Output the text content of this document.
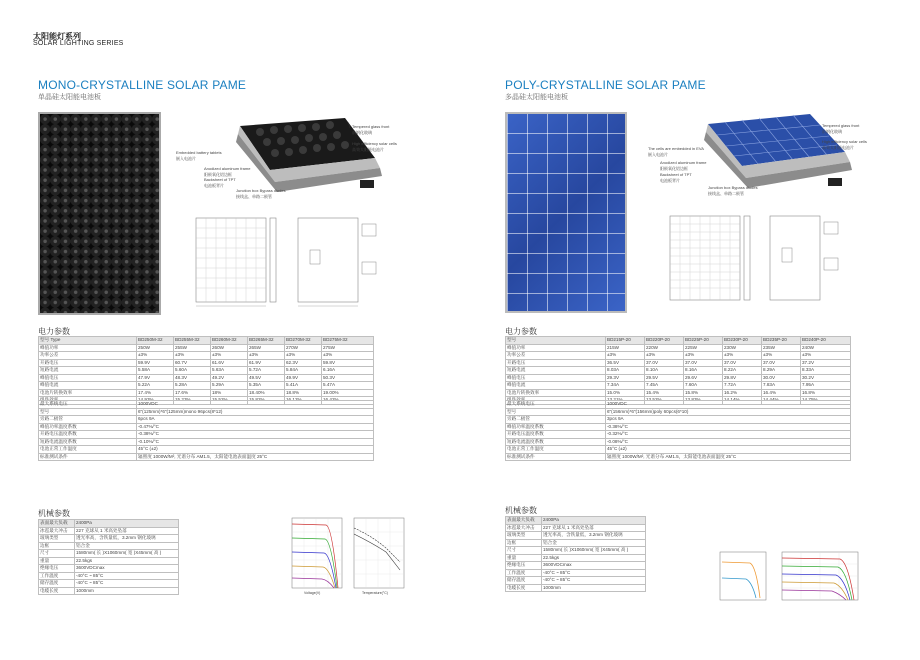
太阳能灯系列
SOLAR LIGHTING SERIES
MONO-CRYSTALLINE SOLAR PAME
单晶硅太阳能电池板
Tempered glass front
前钢化玻璃
High efficiency solar cells
高效太阳能电池片
Embedded battery tablets
嵌入电池片
Anodized aluminum frame
阳极氧化铝边框
Backsheet of TPT
电池板背片
Junction box Bypass diodes
接线盒、单路二极管
电力参数
型号 Type	BD250M-32	BD255M-32	BD260M-32	BD265M-32	BD270M-32	BD275M-32
峰值功率	250W	255W	260W	265W	270W	275W
功率公差	±3%	±3%	±3%	±3%	±3%	±3%
开路电压	59.9V	60.7V	61.6V	61.9V	62.3V	59.8V
短路电流	5.58A	5.60A	5.63A	5.72A	5.84A	6.16A
峰值电压	47.9V	48.3V	49.2V	49.5V	49.9V	50.3V
峰值电流	5.22A	5.28A	5.29A	5.35A	5.41A	5.47A
电池片转换效率	17.4%	17.6%	18%	18.40%	18.8%	19.00%
组件效率	14.93%	15.23%	15.52%	15.82%	16.12%	16.42%
最大系统电压	1000VDC
型号	6"(125mm)*6"(125mm)mono 96pcs(8*12)
旁路二极管	6pcs 9A
峰值功率温度系数	-0.47%/°C
开路电压温度系数	-0.38%/°C
短路电流温度系数	-0.10%/°C
电池正常工作温度	45°C (±2)
标准测试条件	辐照度 1000W/M², 光谱分布 AM1.5，太阳能电池表面温度 25°C
机械参数
表面最大负载	2400Pa
冰雹最大冲击	227 克球从 1 米高处坠落
玻璃类型	透光率高，含铁量低，3.2mm 钢化玻璃
边框	铝合金
尺寸	1580mm( 长 )X1060mm( 宽 )X45mm( 高 )
重量	22.5kgs
绝缘电压	3600VDCmax
工作温度	-40°C ~ 85°C
储存温度	-40°C ~ 85°C
电缆长度	1000mm
Voltage(V)	Temperature(°C)
POLY-CRYSTALLINE SOLAR PAME
多晶硅太阳能电池板
Tempered glass front
前钢化玻璃
High efficiency solar cells
高效太阳能电池片
The cells are embedded in EVA
嵌入电池片
Anodized aluminum frame
阳极氧化铝边框
Backsheet of TPT
电池板背片
Junction box Bypass diodes
接线盒、单路二极管
电力参数
型号	BD215P-20	BD220P-20	BD225P-20	BD230P-20	BD235P-20	BD240P-20
峰值功率	215W	220W	225W	230W	235W	240W
功率公差	±3%	±3%	±3%	±3%	±3%	±3%
开路电压	36.5V	37.0V	37.0V	37.0V	37.0V	37.2V
短路电流	8.03A	8.10A	8.16A	8.22A	8.29A	8.33A
峰值电压	29.3V	29.5V	29.6V	29.8V	30.0V	30.2V
峰值电流	7.34A	7.45A	7.60A	7.72A	7.83A	7.95A
电池片转换效率	15.0%	15.4%	15.8%	16.2%	16.4%	16.8%
组件效率	13.21%	13.52%	13.83%	14.14%	14.44%	14.75%
最大系统电压	1000VDC
型号	6"(156mm)*6"(156mm)poly 60pcs(6*10)
旁路二极管	3pcs 9A
峰值功率温度系数	-0.38%/°C
开路电压温度系数	-0.32%/°C
短路电流温度系数	-0.08%/°C
电池正常工作温度	45°C (±2)
标准测试条件	辐照度 1000W/M², 光谱分布 AM1.5，太阳能电池表面温度 25°C
机械参数
表面最大负载	2400Pa
冰雹最大冲击	227 克球从 1 米高处坠落
玻璃类型	透光率高，含铁量低，3.2mm 钢化玻璃
边框	铝合金
尺寸	1580mm( 长 )X1060mm( 宽 )X45mm( 高 )
重量	22.5kgs
绝缘电压	3600VDCmax
工作温度	-40°C ~ 85°C
储存温度	-40°C ~ 85°C
电缆长度	1000mm
